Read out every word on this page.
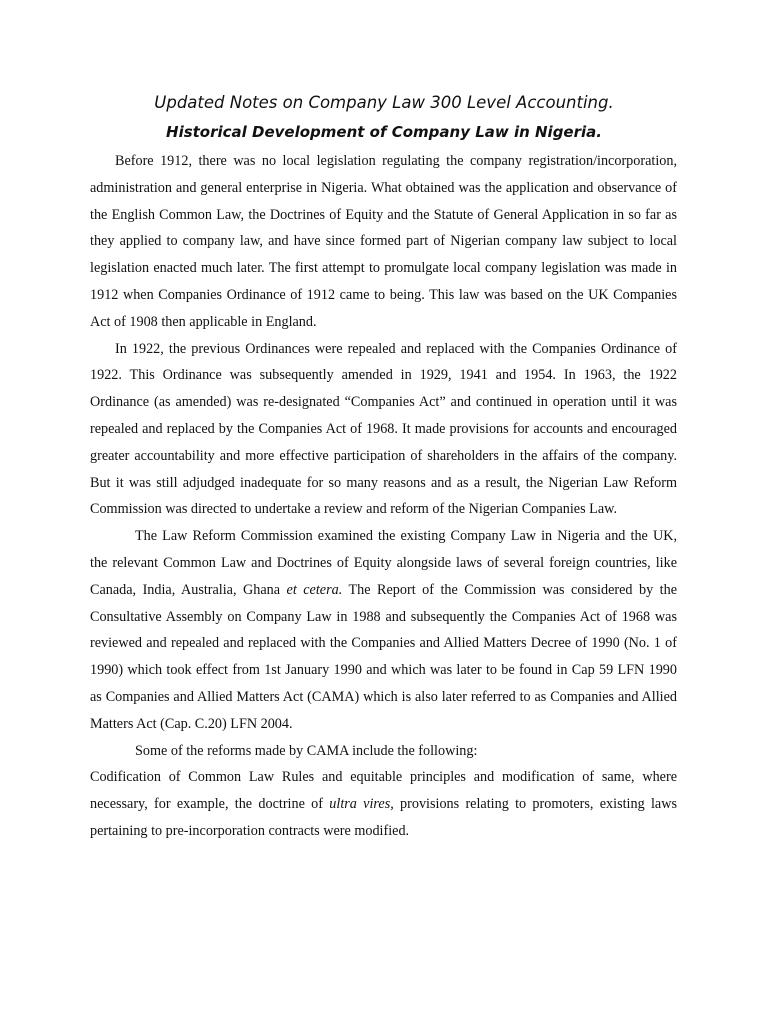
Updated Notes on Company Law 300 Level Accounting.
Historical Development of Company Law in Nigeria.

Before 1912, there was no local legislation regulating the company registration/incorporation, administration and general enterprise in Nigeria. What obtained was the application and observance of the English Common Law, the Doctrines of Equity and the Statute of General Application in so far as they applied to company law, and have since formed part of Nigerian company law subject to local legislation enacted much later. The first attempt to promulgate local company legislation was made in 1912 when Companies Ordinance of 1912 came to being. This law was based on the UK Companies Act of 1908 then applicable in England.

In 1922, the previous Ordinances were repealed and replaced with the Companies Ordinance of 1922. This Ordinance was subsequently amended in 1929, 1941 and 1954. In 1963, the 1922 Ordinance (as amended) was re-designated “Companies Act” and continued in operation until it was repealed and replaced by the Companies Act of 1968. It made provisions for accounts and encouraged greater accountability and more effective participation of shareholders in the affairs of the company. But it was still adjudged inadequate for so many reasons and as a result, the Nigerian Law Reform Commission was directed to undertake a review and reform of the Nigerian Companies Law.

The Law Reform Commission examined the existing Company Law in Nigeria and the UK, the relevant Common Law and Doctrines of Equity alongside laws of several foreign countries, like Canada, India, Australia, Ghana et cetera. The Report of the Commission was considered by the Consultative Assembly on Company Law in 1988 and subsequently the Companies Act of 1968 was reviewed and repealed and replaced with the Companies and Allied Matters Decree of 1990 (No. 1 of 1990) which took effect from 1st January 1990 and which was later to be found in Cap 59 LFN 1990 as Companies and Allied Matters Act (CAMA) which is also later referred to as Companies and Allied Matters Act (Cap. C.20) LFN 2004.

Some of the reforms made by CAMA include the following:

Codification of Common Law Rules and equitable principles and modification of same, where necessary, for example, the doctrine of ultra vires, provisions relating to promoters, existing laws pertaining to pre-incorporation contracts were modified.
